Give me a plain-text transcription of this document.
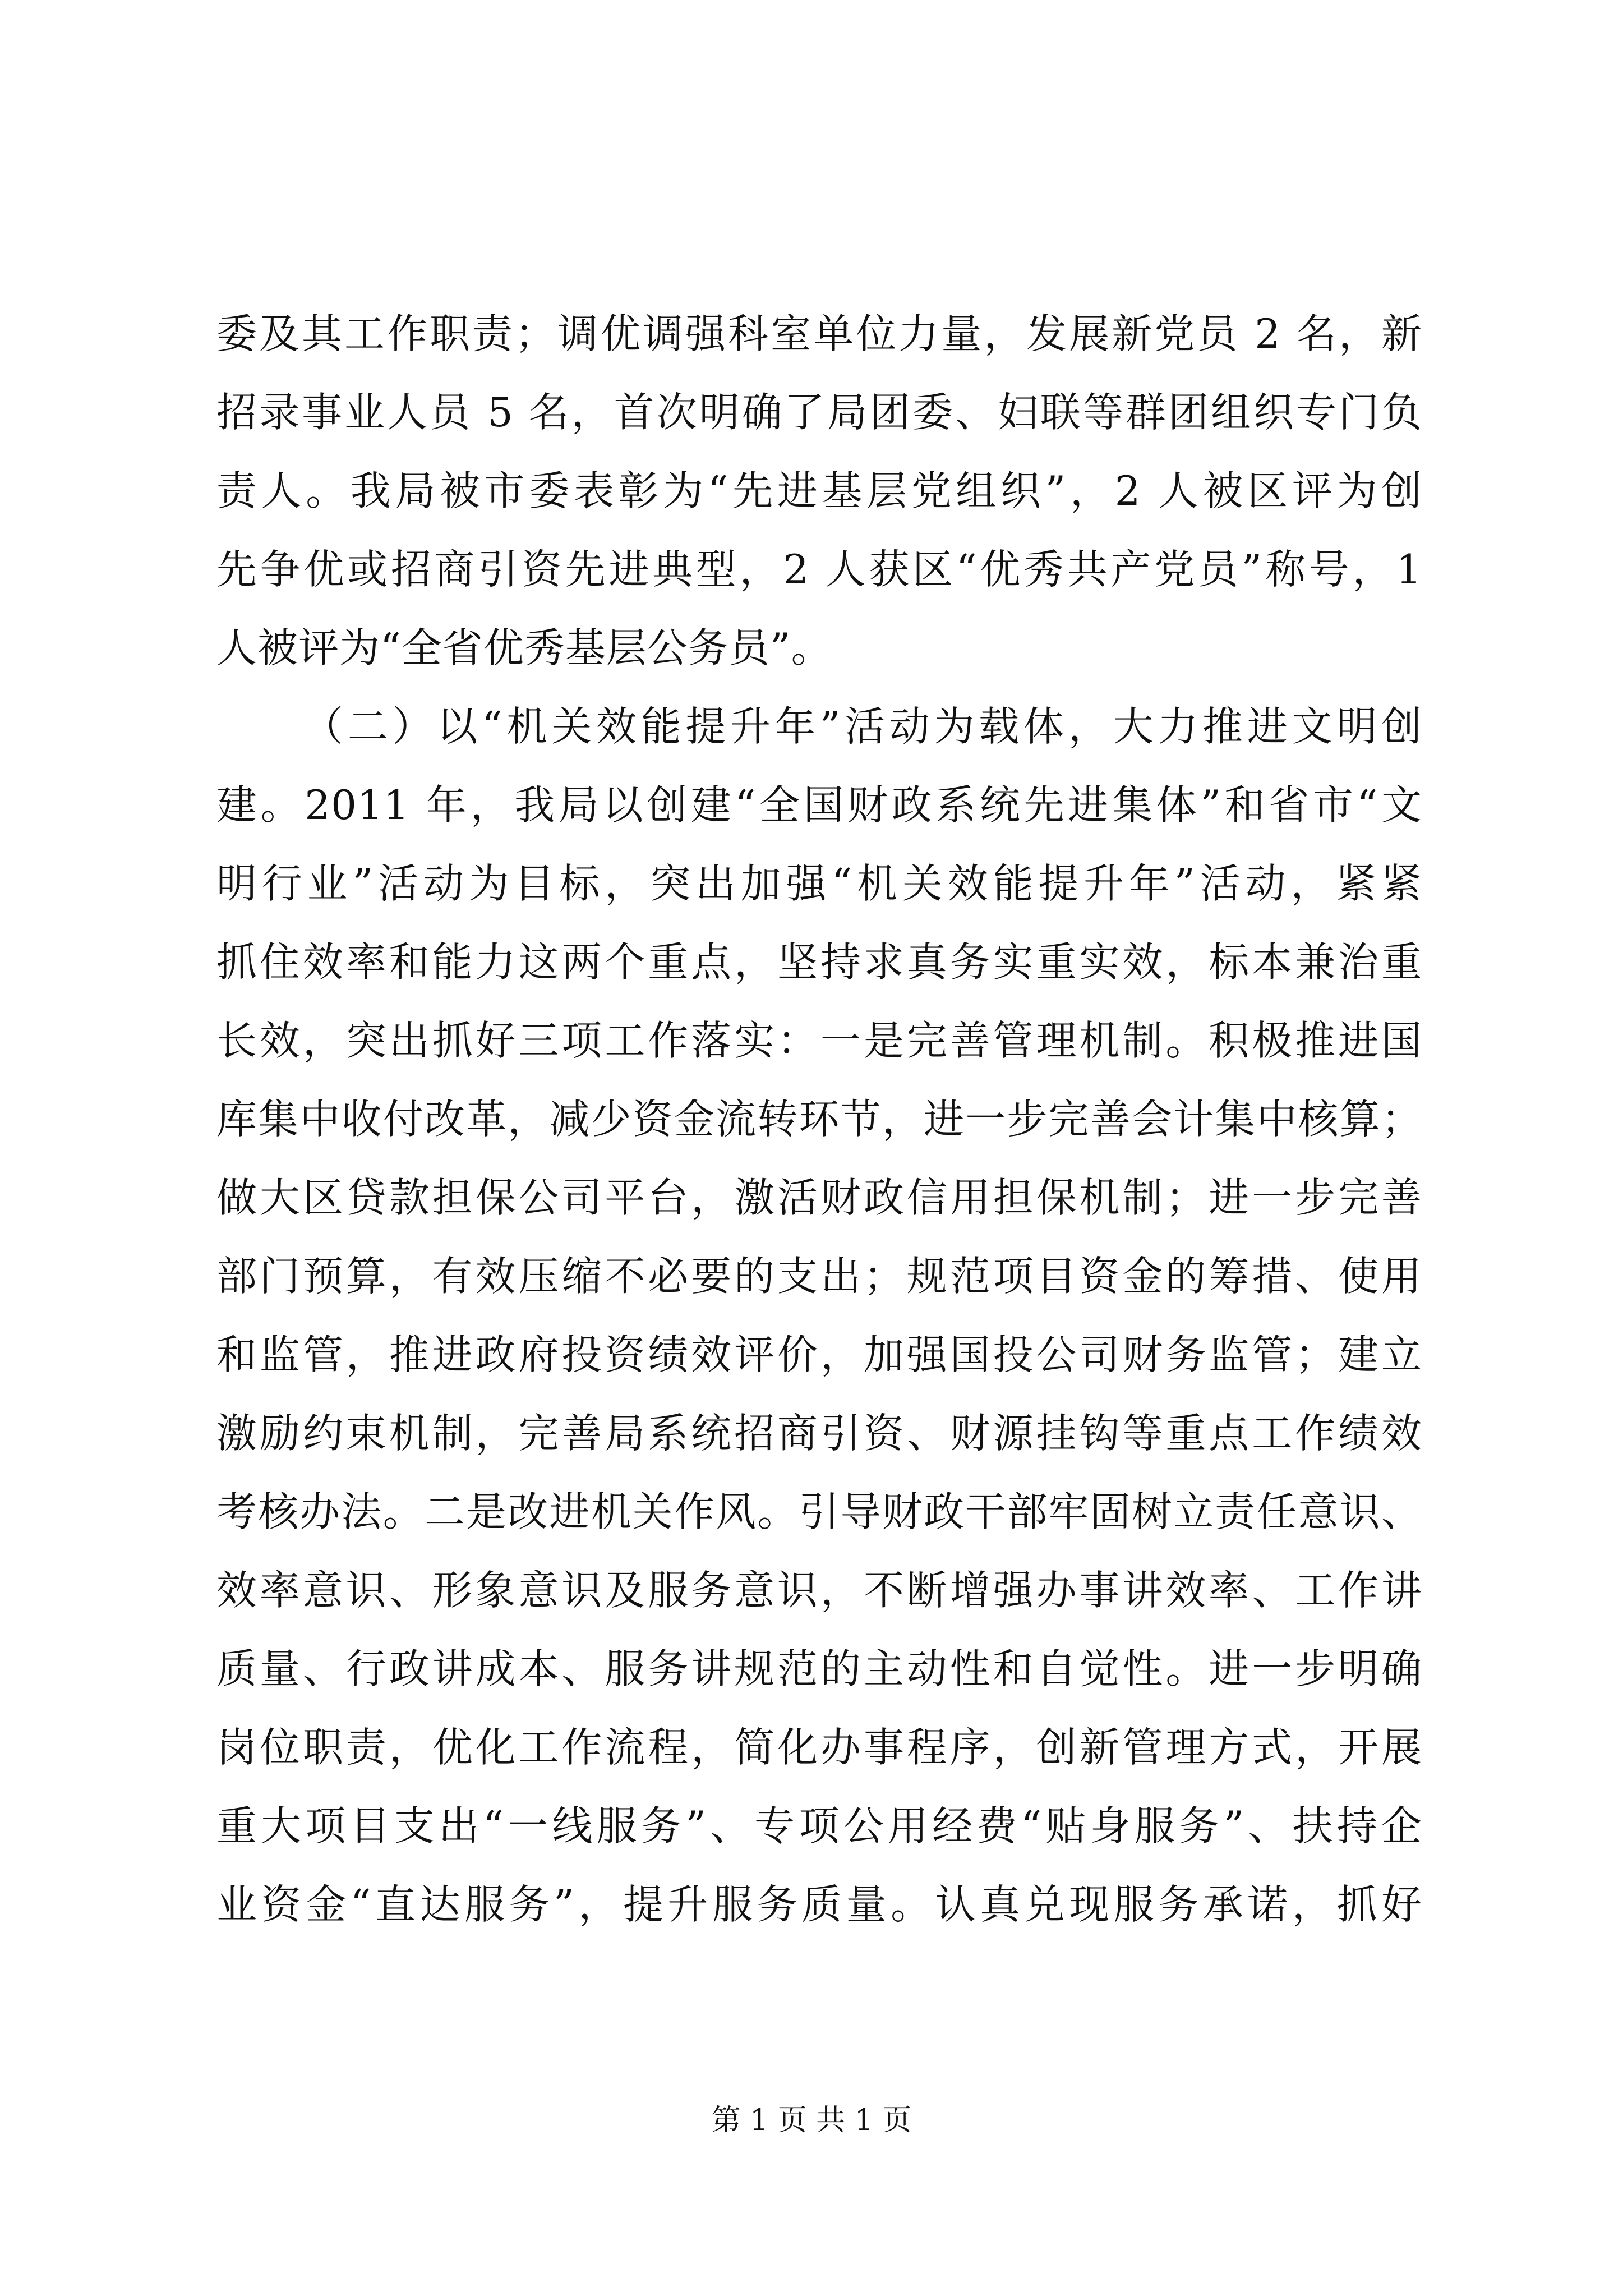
委及其工作职责；调优调强科室单位力量，发展新党员 2 名，新
招录事业人员 5 名，首次明确了局团委、妇联等群团组织专门负
责人。我局被市委表彰为“先进基层党组织”，2 人被区评为创
先争优或招商引资先进典型，2 人获区“优秀共产党员”称号，1
人被评为“全省优秀基层公务员”。
（二）以“机关效能提升年”活动为载体，大力推进文明创
建。2011 年，我局以创建“全国财政系统先进集体”和省市“文
明行业”活动为目标，突出加强“机关效能提升年”活动，紧紧
抓住效率和能力这两个重点，坚持求真务实重实效，标本兼治重
长效，突出抓好三项工作落实：一是完善管理机制。积极推进国
库集中收付改革，减少资金流转环节，进一步完善会计集中核算；
做大区贷款担保公司平台，激活财政信用担保机制；进一步完善
部门预算，有效压缩不必要的支出；规范项目资金的筹措、使用
和监管，推进政府投资绩效评价，加强国投公司财务监管；建立
激励约束机制，完善局系统招商引资、财源挂钩等重点工作绩效
考核办法。二是改进机关作风。引导财政干部牢固树立责任意识、
效率意识、形象意识及服务意识，不断增强办事讲效率、工作讲
质量、行政讲成本、服务讲规范的主动性和自觉性。进一步明确
岗位职责，优化工作流程，简化办事程序，创新管理方式，开展
重大项目支出“一线服务”、专项公用经费“贴身服务”、扶持企
业资金“直达服务”，提升服务质量。认真兑现服务承诺，抓好
第 1 页 共 1 页
